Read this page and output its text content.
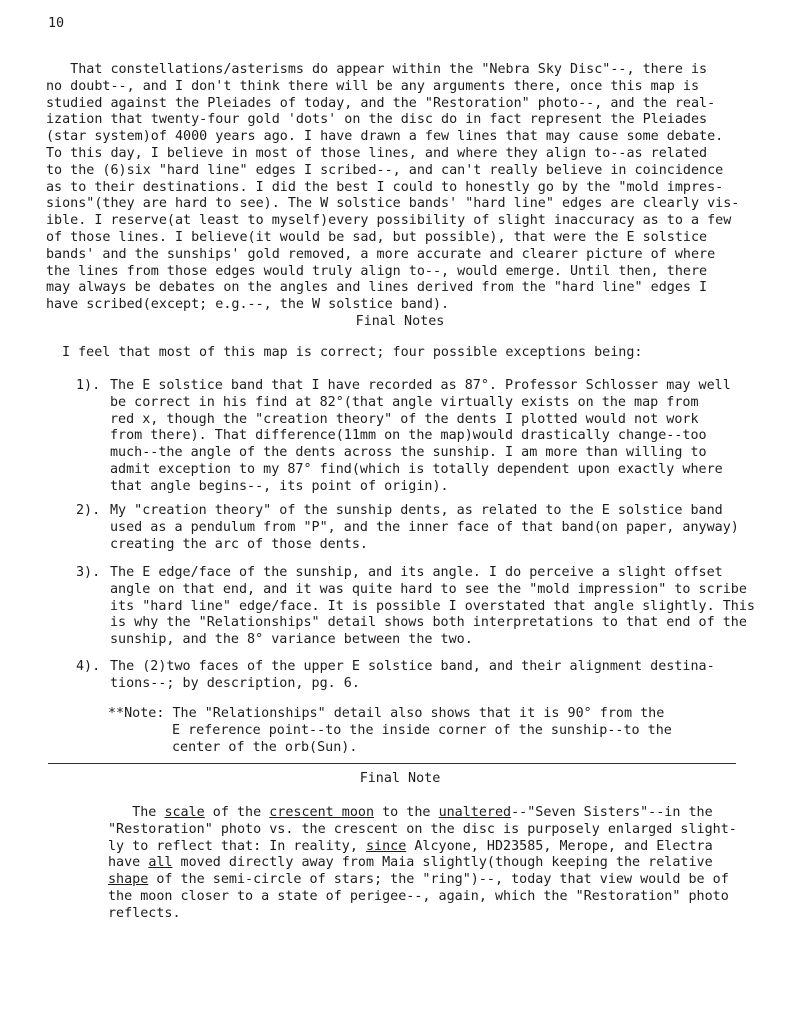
10
That constellations/asterisms do appear within the "Nebra Sky Disc"--, there is
no doubt--, and I don't think there will be any arguments there, once this map is
studied against the Pleiades of today, and the "Restoration" photo--, and the real-
ization that twenty-four gold 'dots' on the disc do in fact represent the Pleiades
(star system)of 4000 years ago. I have drawn a few lines that may cause some debate.
To this day, I believe in most of those lines, and where they align to--as related
to the (6)six "hard line" edges I scribed--, and can't really believe in coincidence
as to their destinations. I did the best I could to honestly go by the "mold impres-
sions"(they are hard to see). The W solstice bands' "hard line" edges are clearly vis-
ible. I reserve(at least to myself)every possibility of slight inaccuracy as to a few
of those lines. I believe(it would be sad, but possible), that were the E solstice
bands' and the sunships' gold removed, a more accurate and clearer picture of where
the lines from those edges would truly align to--, would emerge. Until then, there
may always be debates on the angles and lines derived from the "hard line" edges I
have scribed(except; e.g.--, the W solstice band).
Final Notes
I feel that most of this map is correct; four possible exceptions being:
1). The E solstice band that I have recorded as 87°. Professor Schlosser may well
be correct in his find at 82°(that angle virtually exists on the map from
red x, though the "creation theory" of the dents I plotted would not work
from there). That difference(11mm on the map)would drastically change--too
much--the angle of the dents across the sunship. I am more than willing to
admit exception to my 87° find(which is totally dependent upon exactly where
that angle begins--, its point of origin).
2). My "creation theory" of the sunship dents, as related to the E solstice band
used as a pendulum from "P", and the inner face of that band(on paper, anyway)
creating the arc of those dents.
3). The E edge/face of the sunship, and its angle. I do perceive a slight offset
angle on that end, and it was quite hard to see the "mold impression" to scribe
its "hard line" edge/face. It is possible I overstated that angle slightly. This
is why the "Relationships" detail shows both interpretations to that end of the
sunship, and the 8° variance between the two.
4). The (2)two faces of the upper E solstice band, and their alignment destina-
tions--; by description, pg. 6.
**Note: The "Relationships" detail also shows that it is 90° from the
E reference point--to the inside corner of the sunship--to the
center of the orb(Sun).
Final Note
The scale of the crescent moon to the unaltered--"Seven Sisters"--in the
"Restoration" photo vs. the crescent on the disc is purposely enlarged slight-
ly to reflect that: In reality, since Alcyone, HD23585, Merope, and Electra
have all moved directly away from Maia slightly(though keeping the relative
shape of the semi-circle of stars; the "ring")--, today that view would be of
the moon closer to a state of perigee--, again, which the "Restoration" photo
reflects.
